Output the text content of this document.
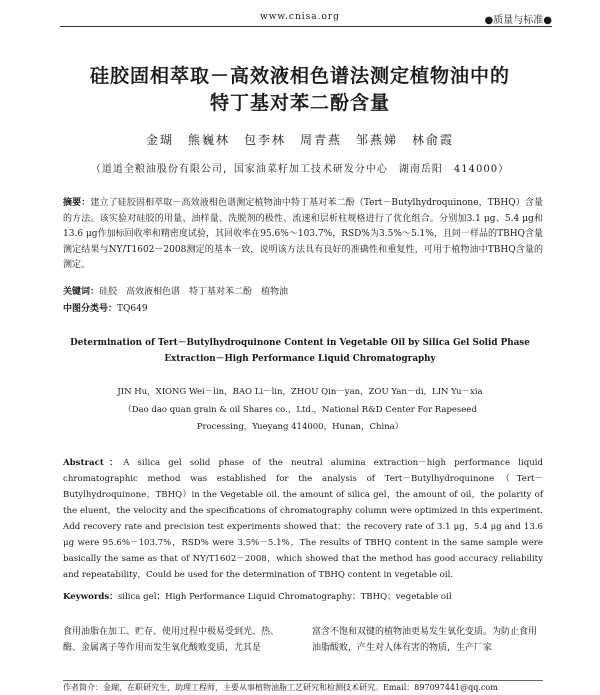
www.cnisa.org	●质量与标准●
硅胶固相萃取－高效液相色谱法测定植物油中的
特丁基对苯二酚含量
金瑚　熊巍林　包李林　周青燕　邹燕娣　林俞霞
（道道全粮油股份有限公司，国家油菜籽加工技术研发分中心　湖南岳阳　414000）
摘要：建立了硅胶固相萃取－高效液相色谱测定植物油中特丁基对苯二酚（Tert－Butylhydroquinone，TBHQ）含量的方法。该实验对硅胶的用量、油样量、洗脱剂的极性、流速和层析柱规格进行了优化组合。分别加3.1 μg、5.4 μg和13.6 μg作加标回收率和精密度试验，其回收率在95.6%～103.7%，RSD%为3.5%～5.1%，且同一样品的TBHQ含量测定结果与NY/T1602－2008测定的基本一致，说明该方法具有良好的准确性和重复性，可用于植物油中TBHQ含量的测定。
关键词：硅胶　高效液相色谱　特丁基对苯二酚　植物油
中图分类号：TQ649
Determination of Tert－Butylhydroquinone Content in Vegetable Oil by Silica Gel Solid Phase
Extraction－High Performance Liquid Chromatography
JIN Hu，XIONG Wei－lin，BAO Li－lin，ZHOU Qin－yan，ZOU Yan－di，LIN Yu－xia
（Dao dao quan grain & oil Shares co.，Ltd.，National R&D Center For Rapeseed
Processing，Yueyang 414000，Hunan，China）
Abstract：A silica gel solid phase of the neutral alumina extraction－high performance liquid chromatographic method was established for the analysis of Tert－Butylhydroquinone（Tert－Butylhydroquinone，TBHQ）in the Vegetable oil. the amount of silica gel，the amount of oil，the polarity of the eluent，the velocity and the specifications of chromatography column were optimized in this experiment. Add recovery rate and precision test experiments showed that：the recovery rate of 3.1 μg，5.4 μg and 13.6 μg were 95.6%－103.7%，RSD% were 3.5%－5.1%，The results of TBHQ content in the same sample were basically the same as that of NY/T1602－2008，which showed that the method has good accuracy reliability and repeatability，Could be used for the determination of TBHQ content in vegetable oil.
Keywords：silica gel；High Performance Liquid Chromatography；TBHQ；vegetable oil
食用油脂在加工、贮存、使用过程中极易受到光、热、酶、金属离子等作用而发生氧化酸败变质，尤其是
富含不饱和双键的植物油更易发生氧化变质。为防止食用油脂酸败，产生对人体有害的物质，生产厂家
作者简介：金瑚，在职研究生，助理工程师，主要从事植物油脂工艺研究和检测技术研究。Email：897097441@qq.com
